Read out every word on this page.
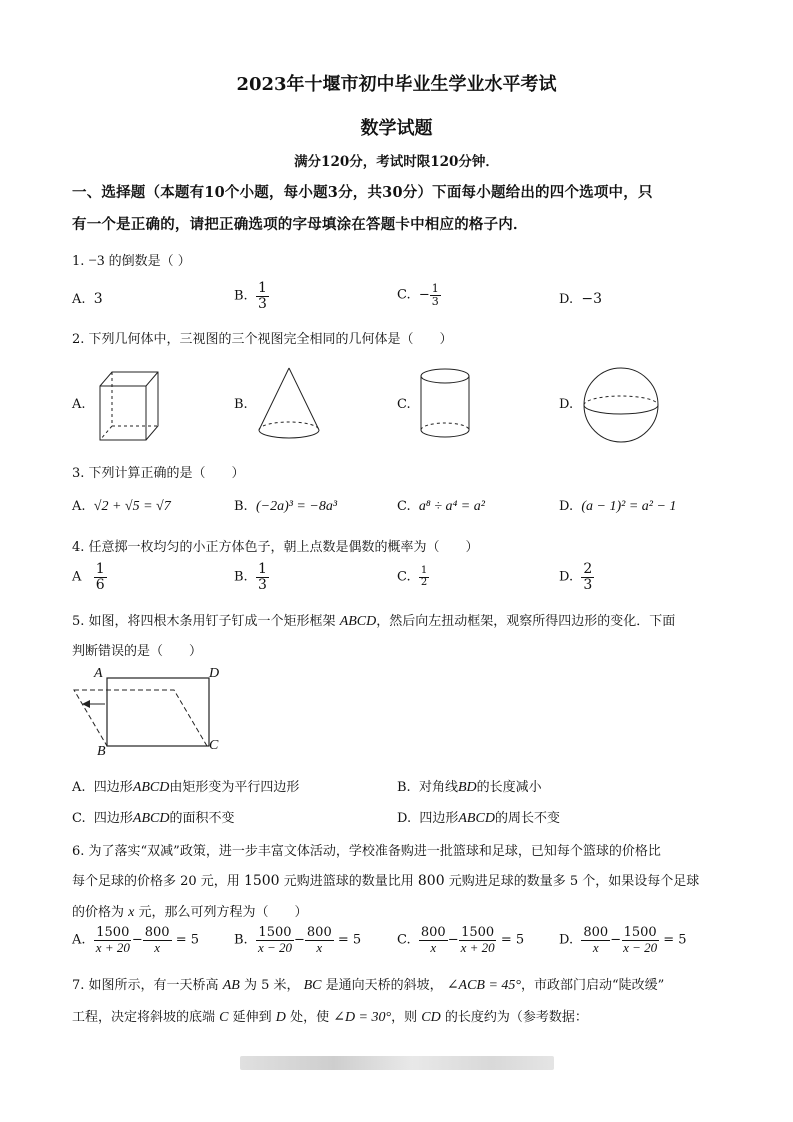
2023年十堰市初中毕业生学业水平考试
数学试题
满分120分，考试时限120分钟．
一、选择题（本题有10个小题，每小题3分，共30分）下面每小题给出的四个选项中，只
有一个是正确的，请把正确选项的字母填涂在答题卡中相应的格子内．
1. −3 的倒数是（ ）
A. 3	B. $\frac{1}{3}$	C. − $\frac{1}{3}$	D. −3
2. 下列几何体中，三视图的三个视图完全相同的几何体是（　　）
A.	B.	C.	D.
3. 下列计算正确的是（　　）
A. √2 + √5 = √7	B. (−2a)³ = −8a³	C. a⁸ ÷ a⁴ = a²	D. (a − 1)² = a² − 1
4. 任意掷一枚均匀的小正方体色子，朝上点数是偶数的概率为（　　）
A $\frac{1}{6}$	B. $\frac{1}{3}$	C. $\frac{1}{2}$	D. $\frac{2}{3}$
5. 如图，将四根木条用钉子钉成一个矩形框架 ABCD，然后向左扭动框架，观察所得四边形的变化．下面
判断错误的是（　　）
A	D
B	C
A. 四边形ABCD由矩形变为平行四边形	B. 对角线BD的长度减小
C. 四边形ABCD的面积不变	D. 四边形ABCD的周长不变
6. 为了落实“双减”政策，进一步丰富文体活动，学校准备购进一批篮球和足球，已知每个篮球的价格比
每个足球的价格多 20 元，用 1500 元购进篮球的数量比用 800 元购进足球的数量多 5 个，如果设每个足球
的价格为 x 元，那么可列方程为（　　）
A. $\frac{1500}{x + 20} - \frac{800}{x} = 5$	B. $\frac{1500}{x - 20} - \frac{800}{x} = 5$	C. $\frac{800}{x} - \frac{1500}{x + 20} = 5$	D. $\frac{800}{x} - \frac{1500}{x - 20} = 5$
7. 如图所示，有一天桥高 AB 为 5 米， BC 是通向天桥的斜坡， ∠ACB = 45°，市政部门启动“陡改缓”
工程，决定将斜坡的底端 C 延伸到 D 处，使 ∠D = 30°，则 CD 的长度约为（参考数据：
